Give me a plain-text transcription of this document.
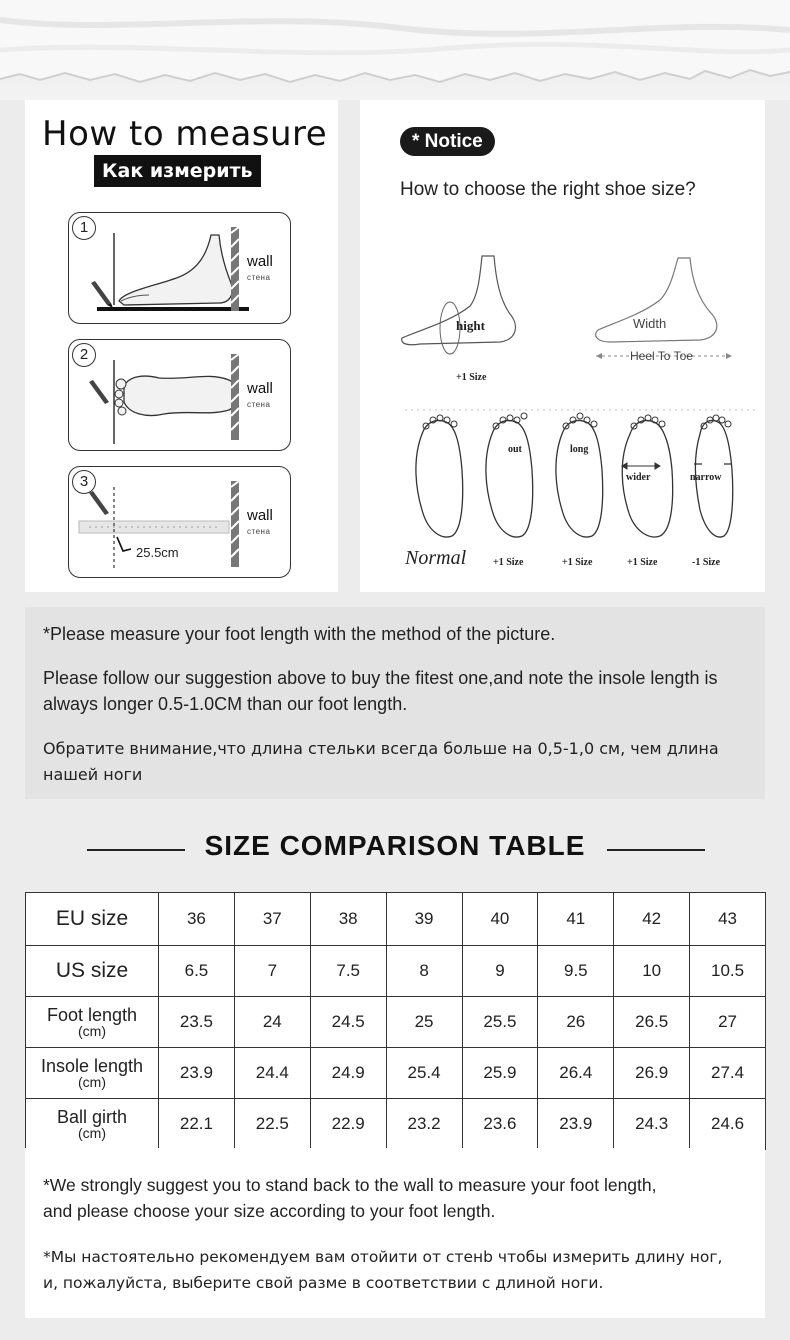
How to measure
Как измерить
1
wall
стена
2
wall
стена
3
wall
стена
25.5cm
* Notice
How to choose the right shoe size?
hight	Width
Heel To Toe
+1 Size
out	long
wider	narrow
Normal	+1 Size	+1 Size	+1 Size	-1 Size
*Please measure your foot length with the method of the picture.
Please follow our suggestion above to buy the fitest one,and note the insole length is always longer 0.5-1.0CM than our foot length.
Обратите внимание,что длина стельки всегда больше на 0,5-1,0 см, чем длина нашей ноги
SIZE COMPARISON TABLE
EU size	36	37	38	39	40	41	42	43
US size	6.5	7	7.5	8	9	9.5	10	10.5

Foot length
(cm)	23.5	24	24.5	25	25.5	26	26.5	27

Insole length
(cm)	23.9	24.4	24.9	25.4	25.9	26.4	26.9	27.4

Ball girth
(cm)	22.1	22.5	22.9	23.2	23.6	23.9	24.3	24.6
*We strongly suggest you to stand back to the wall to measure your foot length,
and please choose your size according to your foot length.
*Мы настоятельно рекомендуем вам отойити от стенb чтобы измерить длину ног,
и, пожалуйста, выберите свой разме в соответствии с длиной ноги.
